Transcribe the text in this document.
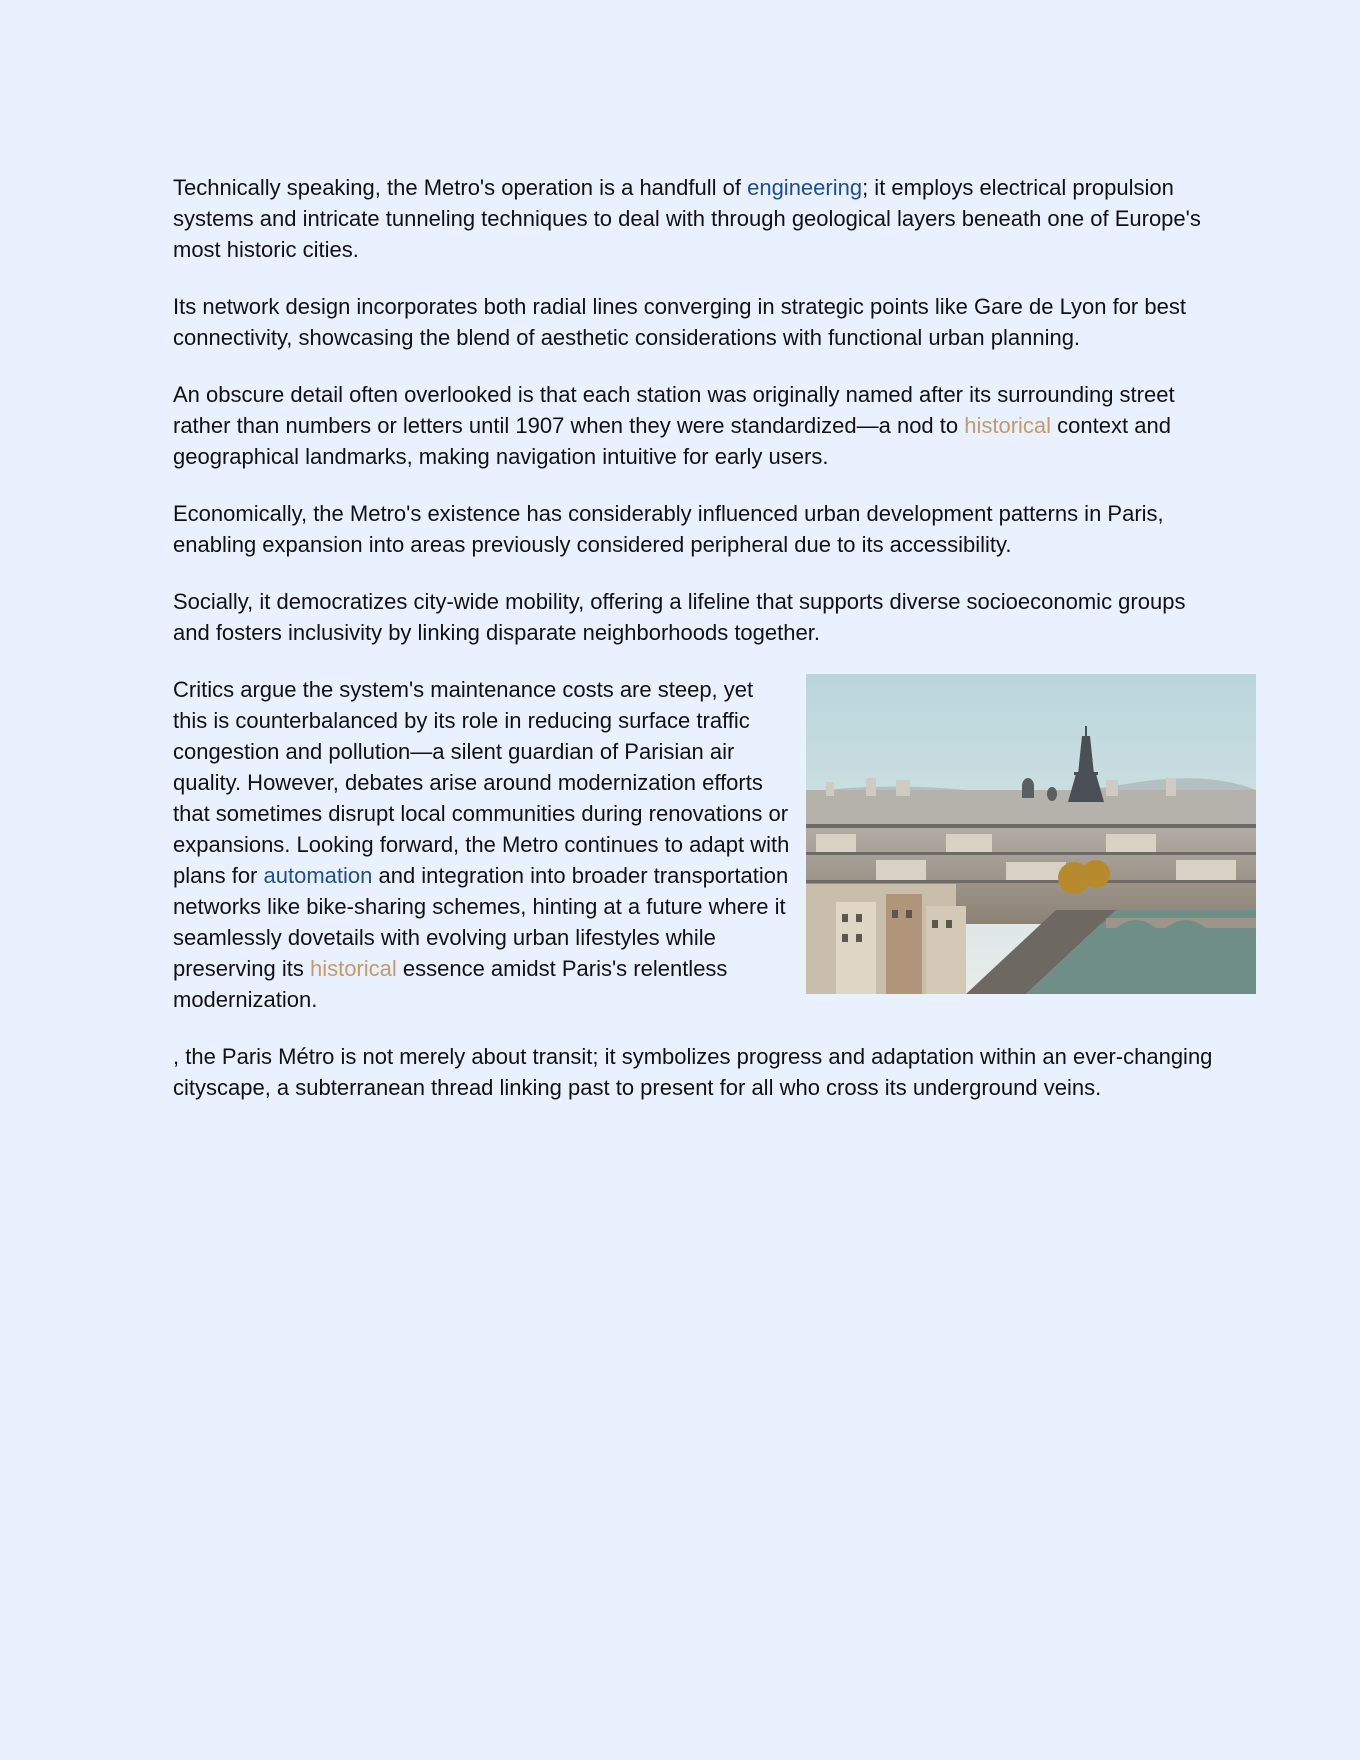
Technically speaking, the Metro's operation is a handfull of engineering; it employs electrical propulsion systems and intricate tunneling techniques to deal with through geological layers beneath one of Europe's most historic cities.

Its network design incorporates both radial lines converging in strategic points like Gare de Lyon for best connectivity, showcasing the blend of aesthetic considerations with functional urban planning.

An obscure detail often overlooked is that each station was originally named after its surrounding street rather than numbers or letters until 1907 when they were standardized—a nod to historical context and geographical landmarks, making navigation intuitive for early users.

Economically, the Metro's existence has considerably influenced urban development patterns in Paris, enabling expansion into areas previously considered peripheral due to its accessibility.

Socially, it democratizes city-wide mobility, offering a lifeline that supports diverse socioeconomic groups and fosters inclusivity by linking disparate neighborhoods together.

Critics argue the system's maintenance costs are steep, yet this is counterbalanced by its role in reducing surface traffic congestion and pollution—a silent guardian of Parisian air quality. However, debates arise around modernization efforts that sometimes disrupt local communities during renovations or expansions. Looking forward, the Metro continues to adapt with plans for automation and integration into broader transportation networks like bike-sharing schemes, hinting at a future where it seamlessly dovetails with evolving urban lifestyles while preserving its historical essence amidst Paris's relentless modernization.

, the Paris Métro is not merely about transit; it symbolizes progress and adaptation within an ever-changing cityscape, a subterranean thread linking past to present for all who cross its underground veins.
